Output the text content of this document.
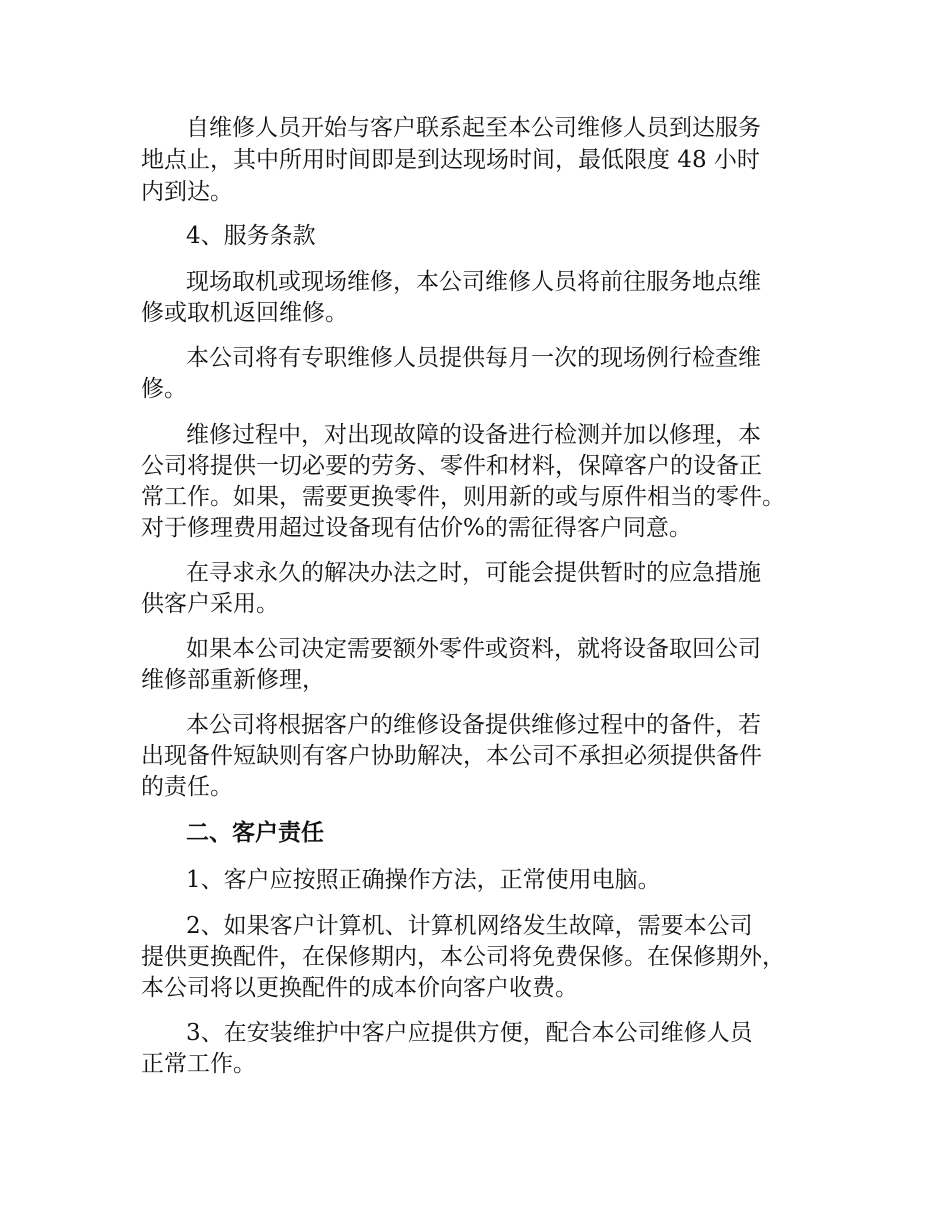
自维修人员开始与客户联系起至本公司维修人员到达服务

地点止，其中所用时间即是到达现场时间，最低限度 48 小时

内到达。

4、服务条款

现场取机或现场维修，本公司维修人员将前往服务地点维

修或取机返回维修。

本公司将有专职维修人员提供每月一次的现场例行检查维

修。

维修过程中，对出现故障的设备进行检测并加以修理，本

公司将提供一切必要的劳务、零件和材料，保障客户的设备正

常工作。如果，需要更换零件，则用新的或与原件相当的零件。

对于修理费用超过设备现有估价%的需征得客户同意。

在寻求永久的解决办法之时，可能会提供暂时的应急措施

供客户采用。

如果本公司决定需要额外零件或资料，就将设备取回公司

维修部重新修理，

本公司将根据客户的维修设备提供维修过程中的备件，若

出现备件短缺则有客户协助解决，本公司不承担必须提供备件

的责任。

二、客户责任

1、客户应按照正确操作方法，正常使用电脑。

2、如果客户计算机、计算机网络发生故障，需要本公司

提供更换配件，在保修期内，本公司将免费保修。在保修期外，

本公司将以更换配件的成本价向客户收费。

3、在安装维护中客户应提供方便，配合本公司维修人员

正常工作。
